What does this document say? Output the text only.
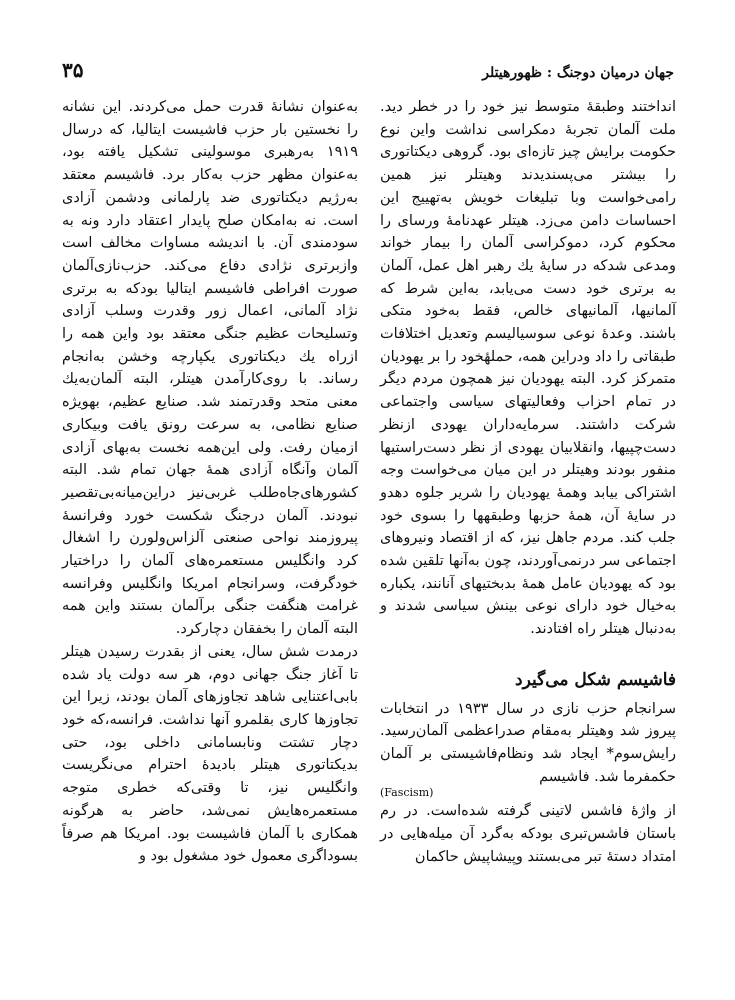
۳۵	جهان درمیان دوجنگ : ظهورهیتلر

انداختند وطبقهٔ متوسط نیز خود را در خطر دید. ملت آلمان تجربهٔ دمکراسی نداشت واین نوع حکومت برایش چیز تازه‌ای بود. گروهی دیکتاتوری را بیشتر می‌پسندیدند وهیتلر نیز همین رامی‌خواست وبا تبلیغات خویش به‌تهییج این احساسات دامن می‌زد. هیتلر عهدنامهٔ ورسای را محکوم کرد، دموکراسی آلمان را بیمار خواند ومدعی شدکه در سایهٔ یك رهبر اهل عمل، آلمان به برتری خود دست می‌یابد، به‌این شرط که آلمانیها، آلمانیهای خالص، فقط به‌خود متکی باشند. وعدهٔ نوعی سوسیالیسم وتعدیل اختلافات طبقاتی را داد ودراین همه، حملهٔخود را بر یهودیان متمرکز کرد. البته یهودیان نیز همچون مردم دیگر در تمام احزاب وفعالیتهای سیاسی واجتماعی شرکت داشتند. سرمایه‌داران یهودی ازنظر دست‌چپیها، وانقلابیان یهودی از نظر دست‌راستیها منفور بودند وهیتلر در این میان می‌خواست وجه اشتراکی بیابد وهمهٔ یهودیان را شریر جلوه دهدو در سایهٔ آن، همهٔ حزبها وطبقهها را بسوی خود جلب کند. مردم جاهل نیز، که از اقتصاد ونیروهای اجتماعی سر درنمی‌آوردند، چون به‌آنها تلقین شده بود که یهودیان عامل همهٔ بدبختیهای آنانند، یکباره به‌خیال خود دارای نوعی بینش سیاسی شدند و به‌دنبال هیتلر راه افتادند.

فاشیسم شکل می‌گیرد

سرانجام حزب نازی در سال ۱۹۳۳ در انتخابات پیروز شد وهیتلر به‌مقام صدراعظمی آلمان‌رسید. رایش‌سوم* ایجاد شد ونظام‌فاشیستی بر آلمان حکمفرما شد. فاشیسم

(Fascism)

از واژهٔ فاشس لاتینی گرفته شده‌است. در رم باستان فاشس‌تبری بودکه به‌گرد آن میله‌هایی در امتداد دستهٔ تبر می‌بستند وپیشاپیش حاکمان

به‌عنوان نشانهٔ قدرت حمل می‌کردند. این نشانه را نخستین بار حزب فاشیست ایتالیا، که درسال ۱۹۱۹ به‌رهبری موسولینی تشکیل یافته بود، به‌عنوان مظهر حزب به‌کار برد. فاشیسم معتقد به‌رژیم دیکتاتوری ضد پارلمانی ودشمن آزادی است. نه به‌امکان صلح پایدار اعتقاد دارد ونه به سودمندی آن. با اندیشه مساوات مخالف است وازبرتری نژادی دفاع می‌کند. حزب‌نازی‌آلمان صورت افراطی فاشیسم ایتالیا بودکه به برتری نژاد آلمانی، اعمال زور وقدرت وسلب آزادی وتسلیحات عظیم جنگی معتقد بود واین همه را ازراه یك دیکتاتوری یکپارچه وخشن به‌انجام رساند. با روی‌کارآمدن هیتلر، البته آلمان‌به‌یك معنی متحد وقدرتمند شد. صنایع عظیم، بهویژه صنایع نظامی، به سرعت رونق یافت وبیکاری ازمیان رفت. ولی این‌همه نخست به‌بهای آزادی آلمان وآنگاه آزادی همهٔ جهان تمام شد. البته کشورهای‌جاه‌طلب غربی‌نیز دراین‌میانه‌بی‌تقصیر نبودند. آلمان درجنگ شکست خورد وفرانسهٔ پیروزمند نواحی صنعتی آلزاس‌ولورن را اشغال کرد وانگلیس مستعمره‌های آلمان را دراختیار خودگرفت، وسرانجام امریکا وانگلیس وفرانسه غرامت هنگفت جنگی برآلمان بستند واین همه البته آلمان را بخفقان دچارکرد.

درمدت شش سال، یعنی از بقدرت رسیدن هیتلر تا آغاز جنگ جهانی دوم، هر سه دولت یاد شده بابی‌اعتنایی شاهد تجاوزهای آلمان بودند، زیرا این تجاوزها کاری بقلمرو آنها نداشت. فرانسه،که خود دچار تشتت ونابسامانی داخلی بود، حتی بدیکتاتوری هیتلر بادیدهٔ احترام می‌نگریست وانگلیس نیز، تا وقتی‌که خطری متوجه مستعمره‌هایش نمی‌شد، حاضر به هرگونه همکاری با آلمان فاشیست بود. امریکا هم صرفاً بسوداگری معمول خود مشغول بود و
